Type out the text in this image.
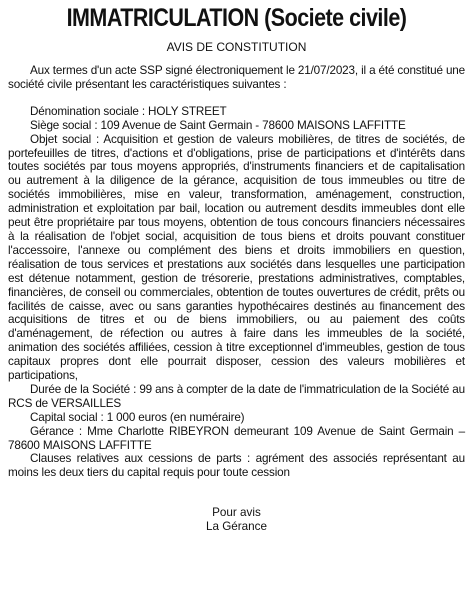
IMMATRICULATION (Societe civile)
AVIS DE CONSTITUTION

Aux termes d'un acte SSP signé électroniquement le 21/07/2023, il a été constitué une société civile présentant les caractéristiques suivantes :

Dénomination sociale : HOLY STREET

Siège social : 109 Avenue de Saint Germain - 78600 MAISONS LAFFITTE

Objet social : Acquisition et gestion de valeurs mobilières, de titres de sociétés, de portefeuilles de titres, d'actions et d'obligations, prise de participations et d'intérêts dans toutes sociétés par tous moyens appropriés, d'instruments financiers et de capitalisation ou autrement à la diligence de la gérance, acquisition de tous immeubles ou titre de sociétés immobilières, mise en valeur, transformation, aménagement, construction, administration et exploitation par bail, location ou autrement desdits immeubles dont elle peut être propriétaire par tous moyens, obtention de tous concours financiers nécessaires à la réalisation de l'objet social, acquisition de tous biens et droits pouvant constituer l'accessoire, l'annexe ou complément des biens et droits immobiliers en question, réalisation de tous services et prestations aux sociétés dans lesquelles une participation est détenue notamment, gestion de trésorerie, prestations administratives, comptables, financières, de conseil ou commerciales, obtention de toutes ouvertures de crédit, prêts ou facilités de caisse, avec ou sans garanties hypothécaires destinés au financement des acquisitions de titres et ou de biens immobiliers, ou au paiement des coûts d'aménagement, de réfection ou autres à faire dans les immeubles de la société, animation des sociétés affiliées, cession à titre exceptionnel d'immeubles, gestion de tous capitaux propres dont elle pourrait disposer, cession des valeurs mobilières et participations,

Durée de la Société : 99 ans à compter de la date de l'immatriculation de la Société au RCS de VERSAILLES

Capital social : 1 000 euros (en numéraire)

Gérance : Mme Charlotte RIBEYRON demeurant 109 Avenue de Saint Germain – 78600 MAISONS LAFFITTE

Clauses relatives aux cessions de parts : agrément des associés représentant au moins les deux tiers du capital requis pour toute cession

Pour avis
La Gérance
